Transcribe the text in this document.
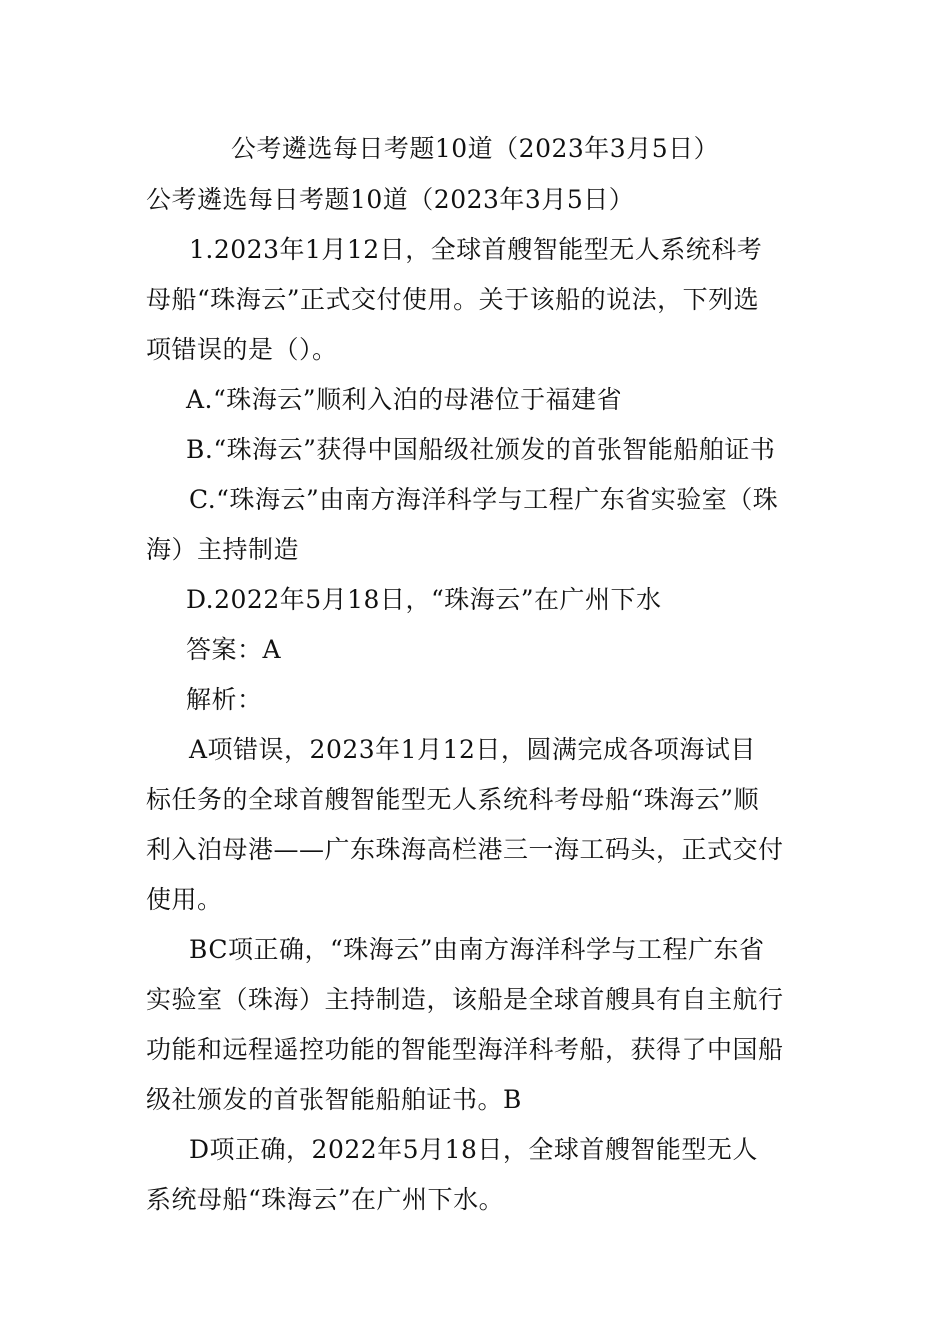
公考遴选每日考题10道（2023年3月5日）
公考遴选每日考题10道（2023年3月5日）
1.2023年1月12日，全球首艘智能型无人系统科考
母船“珠海云”正式交付使用。关于该船的说法，下列选
项错误的是（）。
A.“珠海云”顺利入泊的母港位于福建省
B.“珠海云”获得中国船级社颁发的首张智能船舶证书
C.“珠海云”由南方海洋科学与工程广东省实验室（珠
海）主持制造
D.2022年5月18日，“珠海云”在广州下水
答案：A
解析：
A项错误，2023年1月12日，圆满完成各项海试目
标任务的全球首艘智能型无人系统科考母船“珠海云”顺
利入泊母港——广东珠海高栏港三一海工码头，正式交付
使用。
BC项正确，“珠海云”由南方海洋科学与工程广东省
实验室（珠海）主持制造，该船是全球首艘具有自主航行
功能和远程遥控功能的智能型海洋科考船，获得了中国船
级社颁发的首张智能船舶证书。B
D项正确，2022年5月18日，全球首艘智能型无人
系统母船“珠海云”在广州下水。
